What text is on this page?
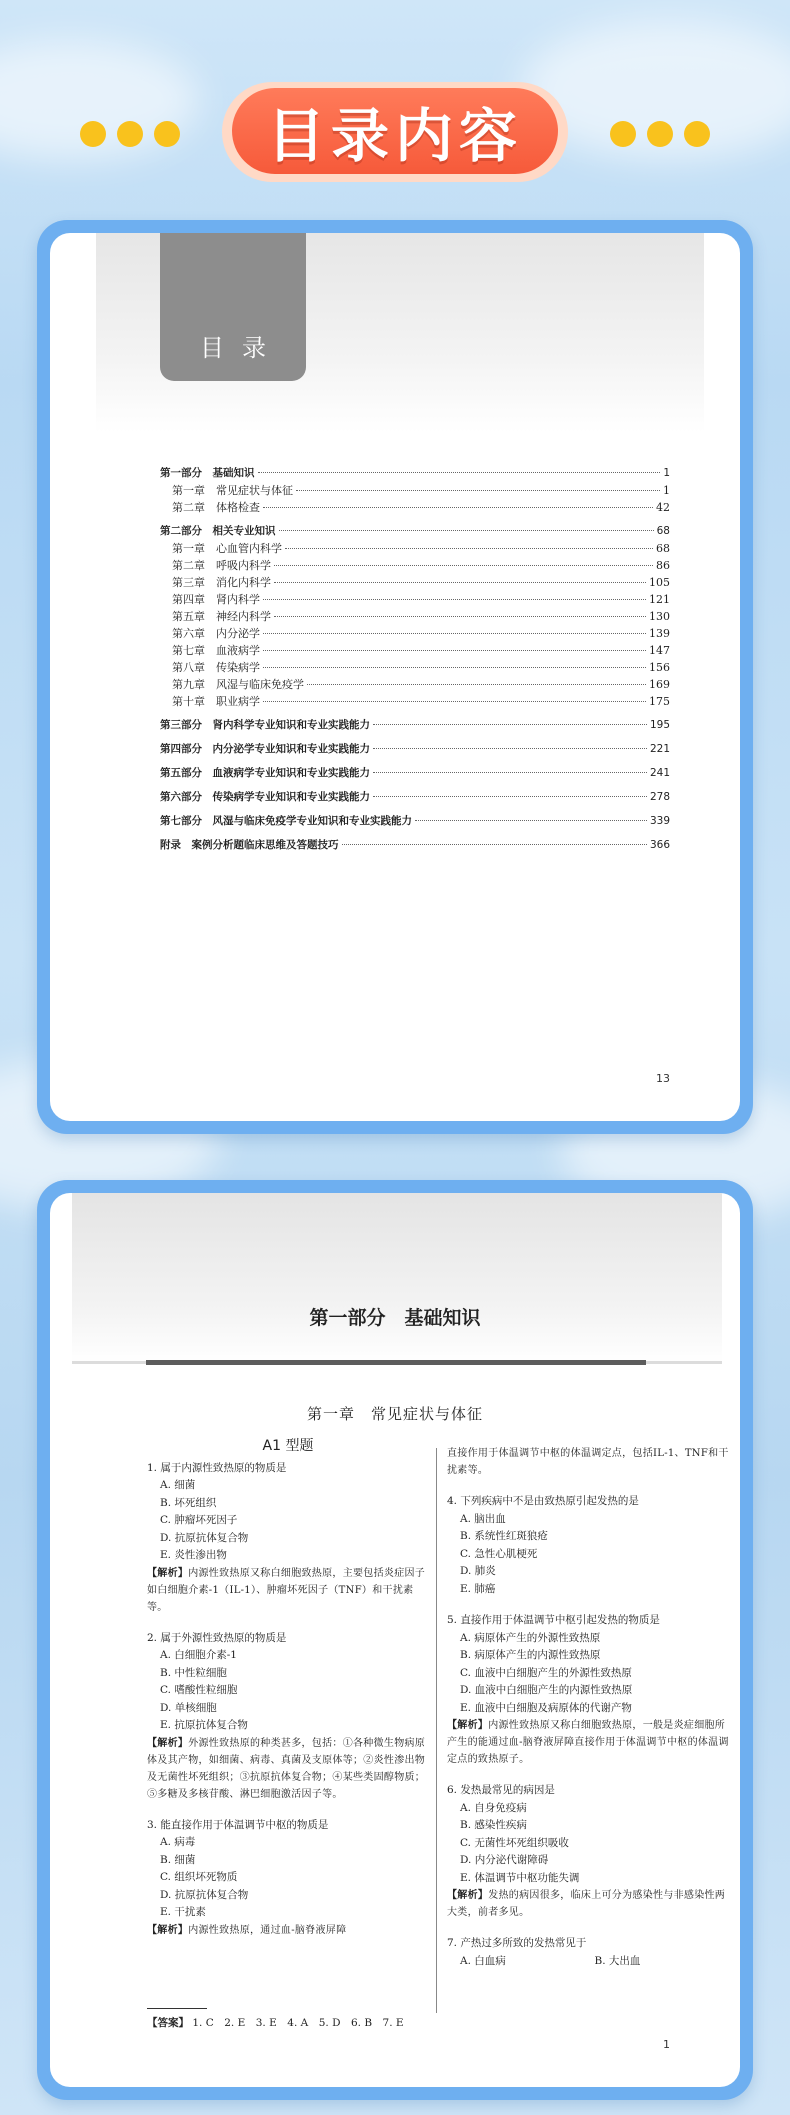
目录内容
目录
第一部分　基础知识	1
第一章　常见症状与体征	1
第二章　体格检查	42
第二部分　相关专业知识	68
第一章　心血管内科学	68
第二章　呼吸内科学	86
第三章　消化内科学	105
第四章　肾内科学	121
第五章　神经内科学	130
第六章　内分泌学	139
第七章　血液病学	147
第八章　传染病学	156
第九章　风湿与临床免疫学	169
第十章　职业病学	175
第三部分　肾内科学专业知识和专业实践能力	195
第四部分　内分泌学专业知识和专业实践能力	221
第五部分　血液病学专业知识和专业实践能力	241
第六部分　传染病学专业知识和专业实践能力	278
第七部分　风湿与临床免疫学专业知识和专业实践能力	339
附录　案例分析题临床思维及答题技巧	366
13
第一部分　基础知识
第一章　常见症状与体征
A1 型题
1. 属于内源性致热原的物质是
A. 细菌
B. 坏死组织
C. 肿瘤坏死因子
D. 抗原抗体复合物
E. 炎性渗出物
【解析】内源性致热原又称白细胞致热原，主要包括炎症因子如白细胞介素-1（IL-1）、肿瘤坏死因子（TNF）和干扰素等。
2. 属于外源性致热原的物质是
A. 白细胞介素-1
B. 中性粒细胞
C. 嗜酸性粒细胞
D. 单核细胞
E. 抗原抗体复合物
【解析】外源性致热原的种类甚多，包括：①各种微生物病原体及其产物，如细菌、病毒、真菌及支原体等；②炎性渗出物及无菌性坏死组织；③抗原抗体复合物；④某些类固醇物质；⑤多糖及多核苷酸、淋巴细胞激活因子等。
3. 能直接作用于体温调节中枢的物质是
A. 病毒
B. 细菌
C. 组织坏死物质
D. 抗原抗体复合物
E. 干扰素
【解析】内源性致热原，通过血-脑脊液屏障
直接作用于体温调节中枢的体温调定点，包括IL-1、TNF和干扰素等。
4. 下列疾病中不是由致热原引起发热的是
A. 脑出血
B. 系统性红斑狼疮
C. 急性心肌梗死
D. 肺炎
E. 肺癌
5. 直接作用于体温调节中枢引起发热的物质是
A. 病原体产生的外源性致热原
B. 病原体产生的内源性致热原
C. 血液中白细胞产生的外源性致热原
D. 血液中白细胞产生的内源性致热原
E. 血液中白细胞及病原体的代谢产物
【解析】内源性致热原又称白细胞致热原，一般是炎症细胞所产生的能通过血-脑脊液屏障直接作用于体温调节中枢的体温调定点的致热原子。
6. 发热最常见的病因是
A. 自身免疫病
B. 感染性疾病
C. 无菌性坏死组织吸收
D. 内分泌代谢障碍
E. 体温调节中枢功能失调
【解析】发热的病因很多，临床上可分为感染性与非感染性两大类，前者多见。
7. 产热过多所致的发热常见于
A. 白血病	B. 大出血
【答案】 1. C　2. E　3. E　4. A　5. D　6. B　7. E
1
